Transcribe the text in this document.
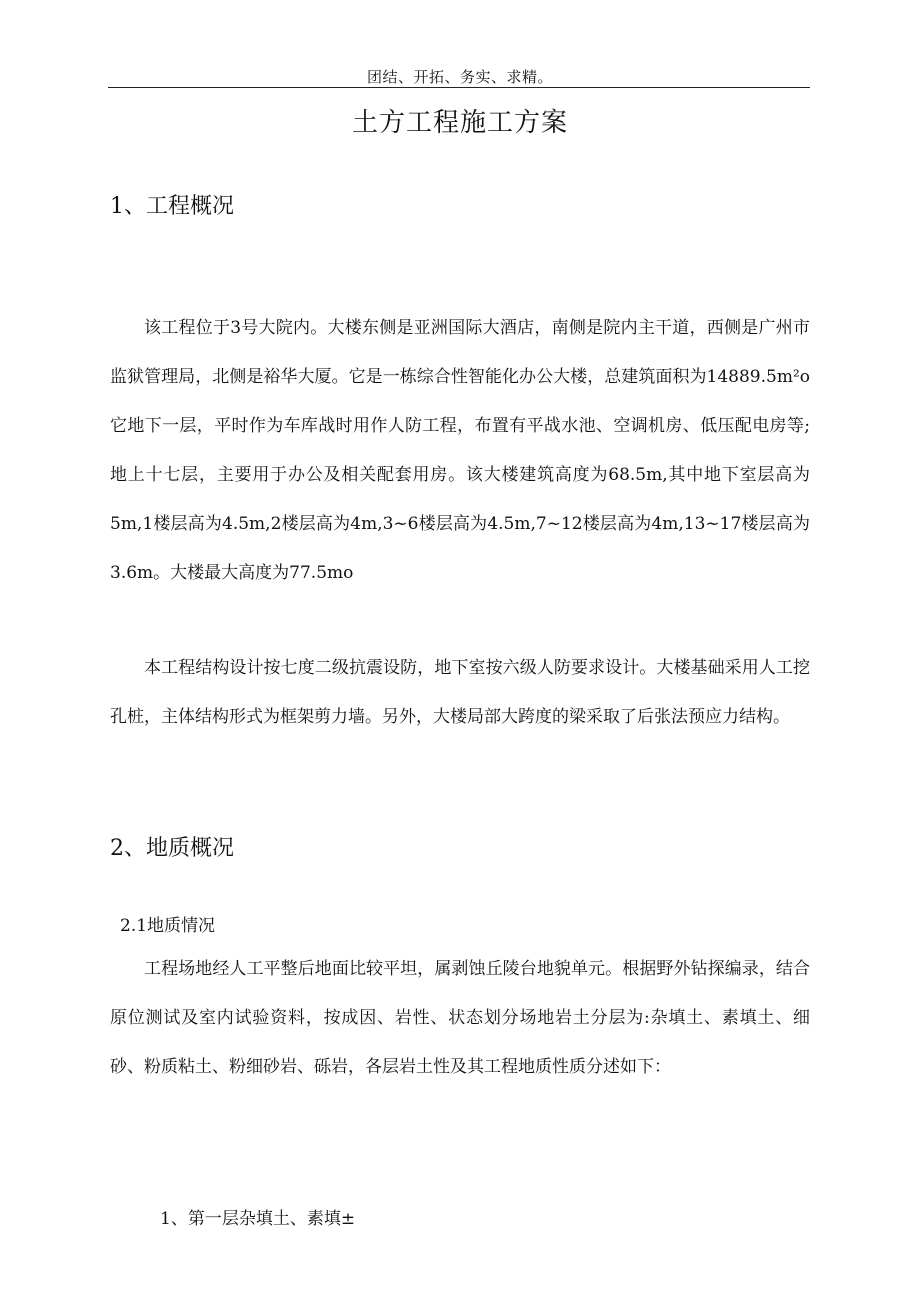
团结、开拓、务实、求精。
土方工程施工方案
1、工程概况

该工程位于3号大院内。大楼东侧是亚洲国际大酒店，南侧是院内主干道，西侧是广州市监狱管理局，北侧是裕华大厦。它是一栋综合性智能化办公大楼，总建筑面积为14889.5m²o它地下一层，平时作为车库战时用作人防工程，布置有平战水池、空调机房、低压配电房等;地上十七层，主要用于办公及相关配套用房。该大楼建筑高度为68.5m,其中地下室层高为5m,1楼层高为4.5m,2楼层高为4m,3~6楼层高为4.5m,7~12楼层高为4m,13~17楼层高为3.6m。大楼最大高度为77.5mo

本工程结构设计按七度二级抗震设防，地下室按六级人防要求设计。大楼基础采用人工挖孔桩，主体结构形式为框架剪力墙。另外，大楼局部大跨度的梁采取了后张法预应力结构。

2、地质概况
2.1地质情况

工程场地经人工平整后地面比较平坦，属剥蚀丘陵台地貌单元。根据野外钻探编录，结合原位测试及室内试验资料，按成因、岩性、状态划分场地岩土分层为:杂填土、素填土、细砂、粉质粘土、粉细砂岩、砾岩，各层岩土性及其工程地质性质分述如下：

1、第一层杂填土、素填±
